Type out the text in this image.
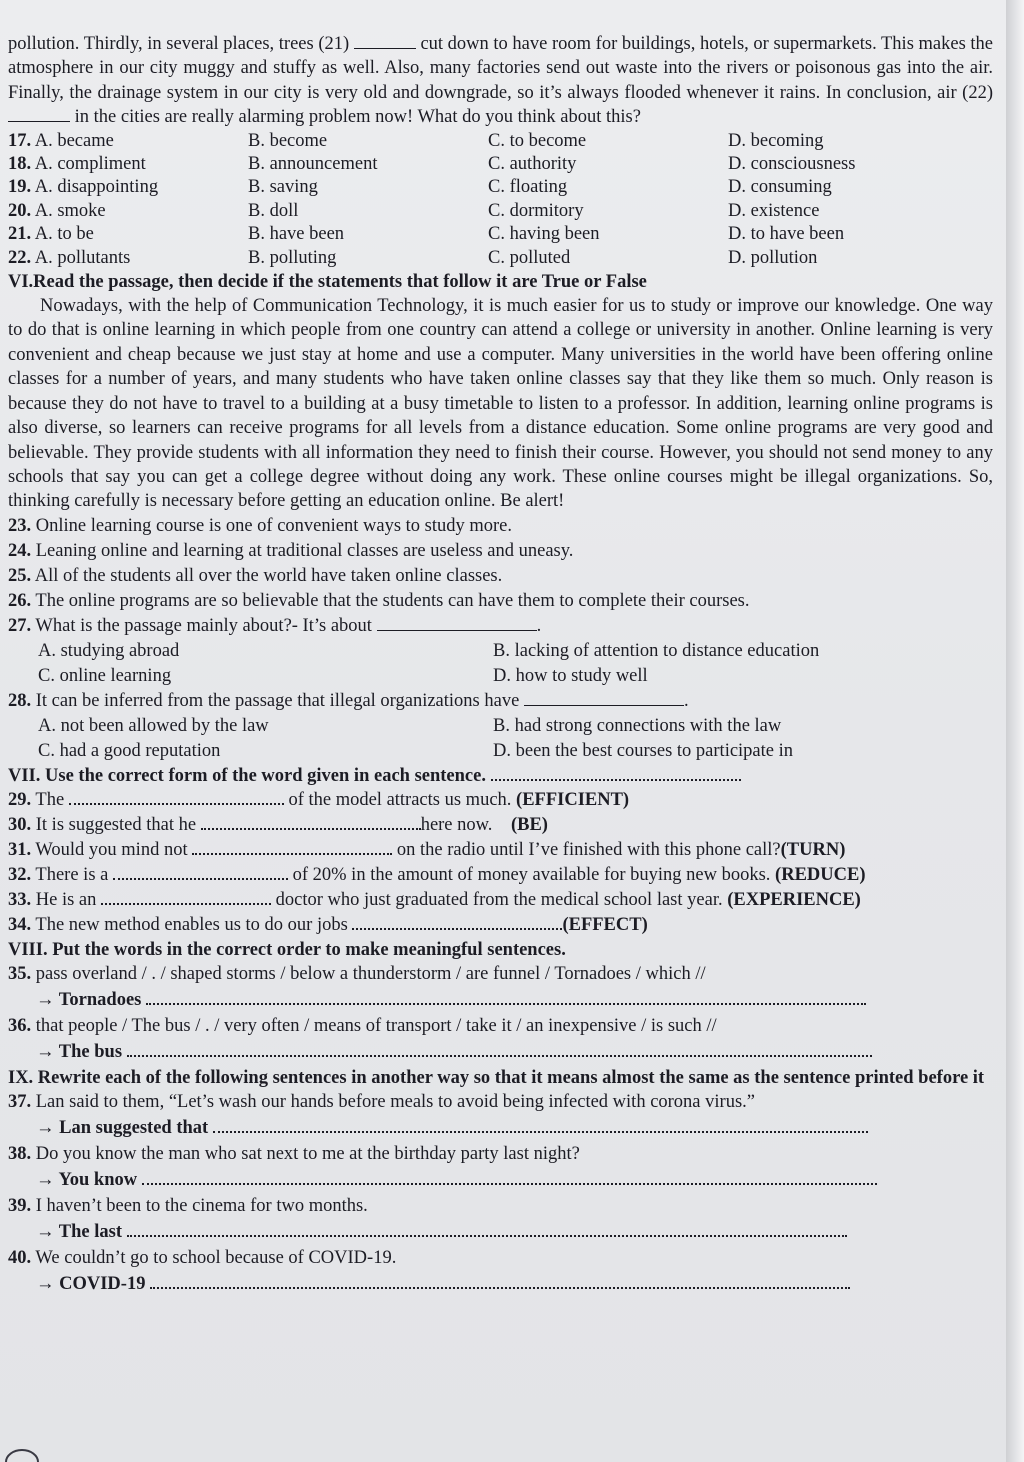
pollution. Thirdly, in several places, trees (21)	cut down to have room for buildings, hotels, or supermarkets. This makes the atmosphere in our city muggy and stuffy as well. Also, many factories send out waste into the rivers or poisonous gas into the air. Finally, the drainage system in our city is very old and downgrade, so it’s always flooded whenever it rains. In conclusion, air (22)  in the cities are really alarming problem now! What do you think about this?

17. A. became	B. become	C. to become	D. becoming
18. A. compliment	B. announcement	C. authority	D. consciousness
19. A. disappointing	B. saving	C. floating	D. consuming
20. A. smoke	B. doll	C. dormitory	D. existence
21. A. to be	B. have been	C. having been	D. to have been
22. A. pollutants	B. polluting	C. polluted	D. pollution
VI.Read the passage, then decide if the statements that follow it are True or False

Nowadays, with the help of Communication Technology, it is much easier for us to study or improve our knowledge. One way to do that is online learning in which people from one country can attend a college or university in another. Online learning is very convenient and cheap because we just stay at home and use a computer. Many universities in the world have been offering online classes for a number of years, and many students who have taken online classes say that they like them so much. Only reason is because they do not have to travel to a building at a busy timetable to listen to a professor. In addition, learning online programs is also diverse, so learners can receive programs for all levels from a distance education. Some online programs are very good and believable. They provide students with all information they need to finish their course. However, you should not send money to any schools that say you can get a college degree without doing any work. These online courses might be illegal organizations. So, thinking carefully is necessary before getting an education online. Be alert!

23. Online learning course is one of convenient ways to study more.
24. Leaning online and learning at traditional classes are useless and uneasy.
25. All of the students all over the world have taken online classes.
26. The online programs are so believable that the students can have them to complete their courses.
27. What is the passage mainly about?- It’s about	.
A. studying abroad	B. lacking of attention to distance education
C. online learning	D. how to study well
28. It can be inferred from the passage that illegal organizations have	.
A. not been allowed by the law	B. had strong connections with the law
C. had a good reputation	D. been the best courses to participate in
VII. Use the correct form of the word given in each sentence.
29. The	of the model attracts us much. (EFFICIENT)
30. It is suggested that he	here now. (BE)
31. Would you mind not	on the radio until I’ve finished with this phone call?(TURN)
32. There is a	of 20% in the amount of money available for buying new books. (REDUCE)
33. He is an	doctor who just graduated from the medical school last year. (EXPERIENCE)
34. The new method enables us to do our jobs	(EFFECT)
VIII. Put the words in the correct order to make meaningful sentences.
35. pass overland / . / shaped storms / below a thunderstorm / are funnel / Tornadoes / which //
→ Tornadoes
36. that people / The bus / . / very often / means of transport / take it / an inexpensive / is such //
→ The bus
IX. Rewrite each of the following sentences in another way so that it means almost the same as the sentence printed before it
37. Lan said to them, “Let’s wash our hands before meals to avoid being infected with corona virus.”
→ Lan suggested that
38. Do you know the man who sat next to me at the birthday party last night?
→ You know
39. I haven’t been to the cinema for two months.
→ The last
40. We couldn’t go to school because of COVID-19.
→ COVID-19
